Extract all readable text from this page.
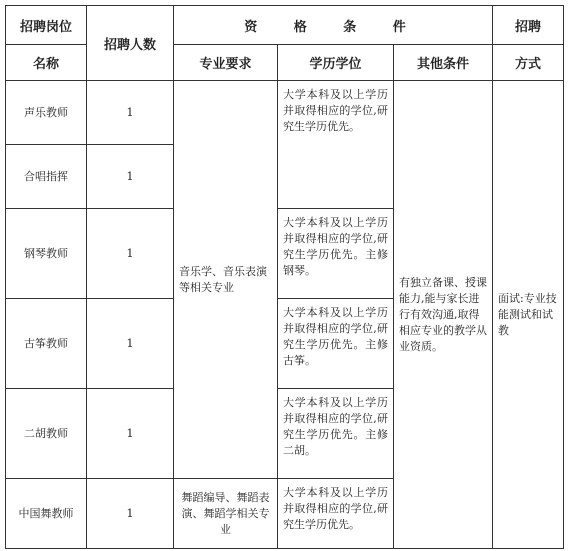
招聘岗位	招聘人数	资 格 条 件			招聘
名称		专业要求	学历学位	其他条件	方式
声乐教师	1	音乐学、音乐表演等相关专业	大学本科及以上学历并取得相应的学位,研究生学历优先。	有独立备课、授课能力,能与家长进行有效沟通,取得相应专业的教学从业资质。	面试:专业技能测试和试教
合唱指挥	1				
钢琴教师	1		大学本科及以上学历并取得相应的学位,研究生学历优先。主修钢琴。		
古筝教师	1		大学本科及以上学历并取得相应的学位,研究生学历优先。主修古筝。		
二胡教师	1		大学本科及以上学历并取得相应的学位,研究生学历优先。主修二胡。		
中国舞教师	1	舞蹈编导、舞蹈表演、舞蹈学相关专业	大学本科及以上学历并取得相应的学位,研究生学历优先。		
